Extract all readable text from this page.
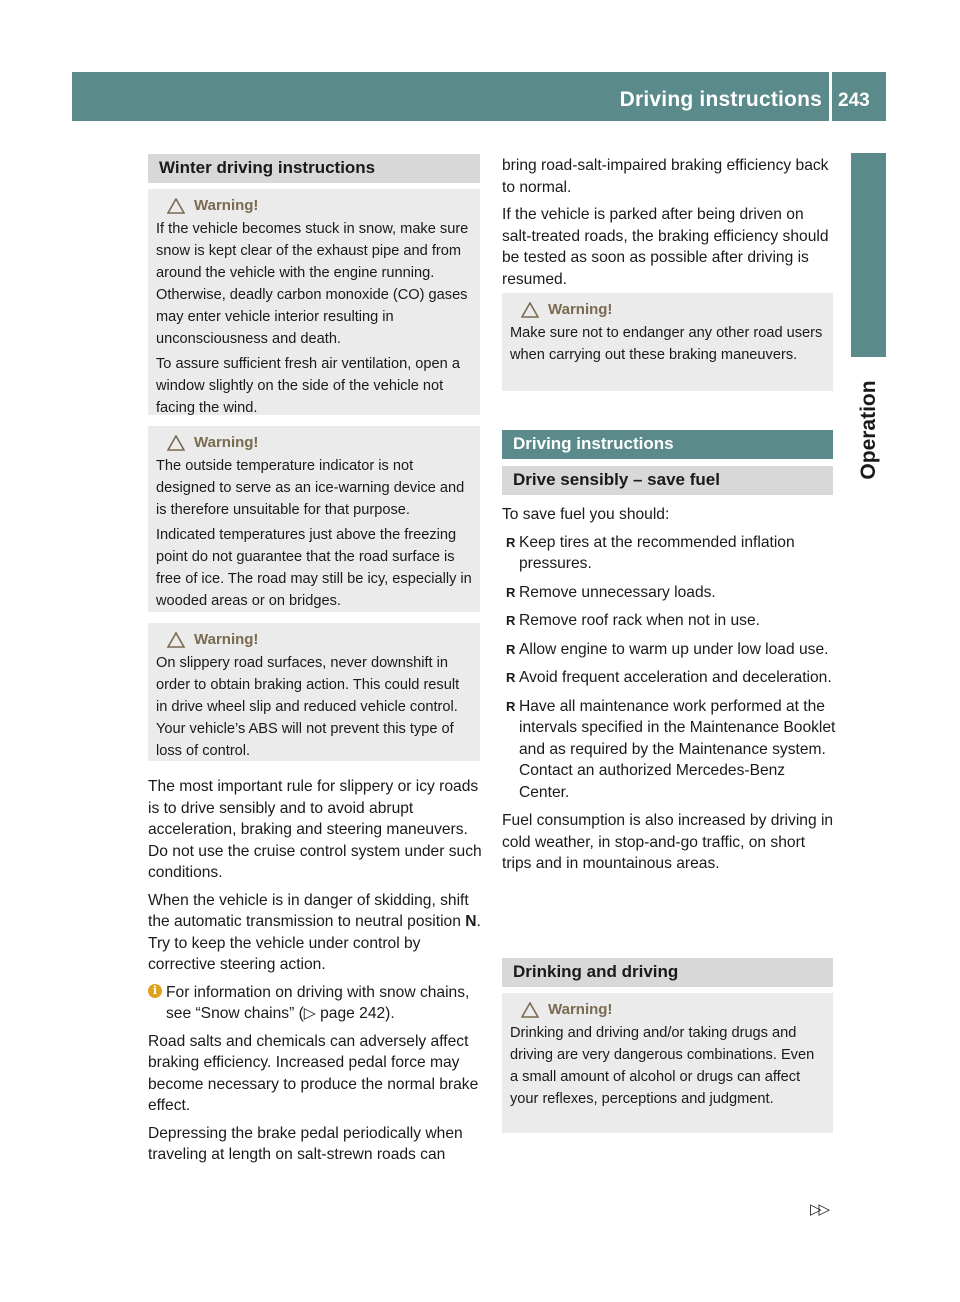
Driving instructions 243
Operation
Winter driving instructions
Warning!

If the vehicle becomes stuck in snow, make sure snow is kept clear of the exhaust pipe and from around the vehicle with the engine running. Otherwise, deadly carbon monoxide (CO) gases may enter vehicle interior resulting in unconsciousness and death.

To assure sufficient fresh air ventilation, open a window slightly on the side of the vehicle not facing the wind.

Warning!

The outside temperature indicator is not designed to serve as an ice-warning device and is therefore unsuitable for that purpose.

Indicated temperatures just above the freezing point do not guarantee that the road surface is free of ice. The road may still be icy, especially in wooded areas or on bridges.

Warning!

On slippery road surfaces, never downshift in order to obtain braking action. This could result in drive wheel slip and reduced vehicle control. Your vehicle’s ABS will not prevent this type of loss of control.

The most important rule for slippery or icy roads is to drive sensibly and to avoid abrupt acceleration, braking and steering maneuvers. Do not use the cruise control system under such conditions.

When the vehicle is in danger of skidding, shift the automatic transmission to neutral position N. Try to keep the vehicle under control by corrective steering action.

i For information on driving with snow chains, see “Snow chains” (▷ page 242).

Road salts and chemicals can adversely affect braking efficiency. Increased pedal force may become necessary to produce the normal brake effect.

Depressing the brake pedal periodically when traveling at length on salt-strewn roads can

bring road-salt-impaired braking efficiency back to normal.

If the vehicle is parked after being driven on salt-treated roads, the braking efficiency should be tested as soon as possible after driving is resumed.

Warning!

Make sure not to endanger any other road users when carrying out these braking maneuvers.

Driving instructions
Drive sensibly – save fuel

To save fuel you should:

R Keep tires at the recommended inflation pressures.
R Remove unnecessary loads.
R Remove roof rack when not in use.
R Allow engine to warm up under low load use.
R Avoid frequent acceleration and deceleration.
R Have all maintenance work performed at the intervals specified in the Maintenance Booklet and as required by the Maintenance system. Contact an authorized Mercedes-Benz Center.

Fuel consumption is also increased by driving in cold weather, in stop-and-go traffic, on short trips and in mountainous areas.

Drinking and driving
Warning!

Drinking and driving and/or taking drugs and driving are very dangerous combinations. Even a small amount of alcohol or drugs can affect your reflexes, perceptions and judgment.

▷▷
